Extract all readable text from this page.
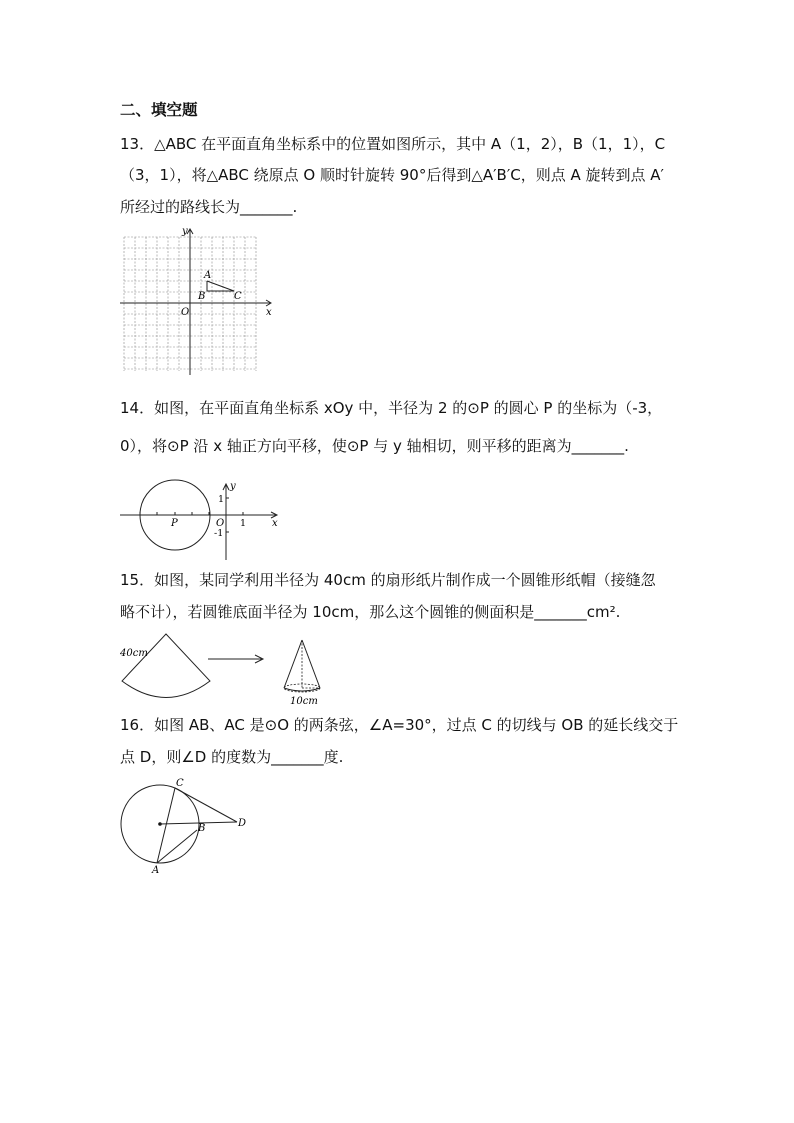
二、填空题
13．△ABC 在平面直角坐标系中的位置如图所示，其中 A（1，2），B（1，1），C
（3，1），将△ABC 绕原点 O 顺时针旋转 90°后得到△A′B′C，则点 A 旋转到点 A′
所经过的路线长为_______.
y
x
O
A
B	C
14．如图，在平面直角坐标系 xOy 中，半径为 2 的⊙P 的圆心 P 的坐标为（-3，
0），将⊙P 沿 x 轴正方向平移，使⊙P 与 y 轴相切，则平移的距离为_______.
y
x
O
P
1
1
-1
15．如图，某同学利用半径为 40cm 的扇形纸片制作成一个圆锥形纸帽（接缝忽
略不计），若圆锥底面半径为 10cm，那么这个圆锥的侧面积是_______cm².
40cm
10cm
16．如图 AB、AC 是⊙O 的两条弦，∠A=30°，过点 C 的切线与 OB 的延长线交于
点 D，则∠D 的度数为_______度.
C
B	D
A
